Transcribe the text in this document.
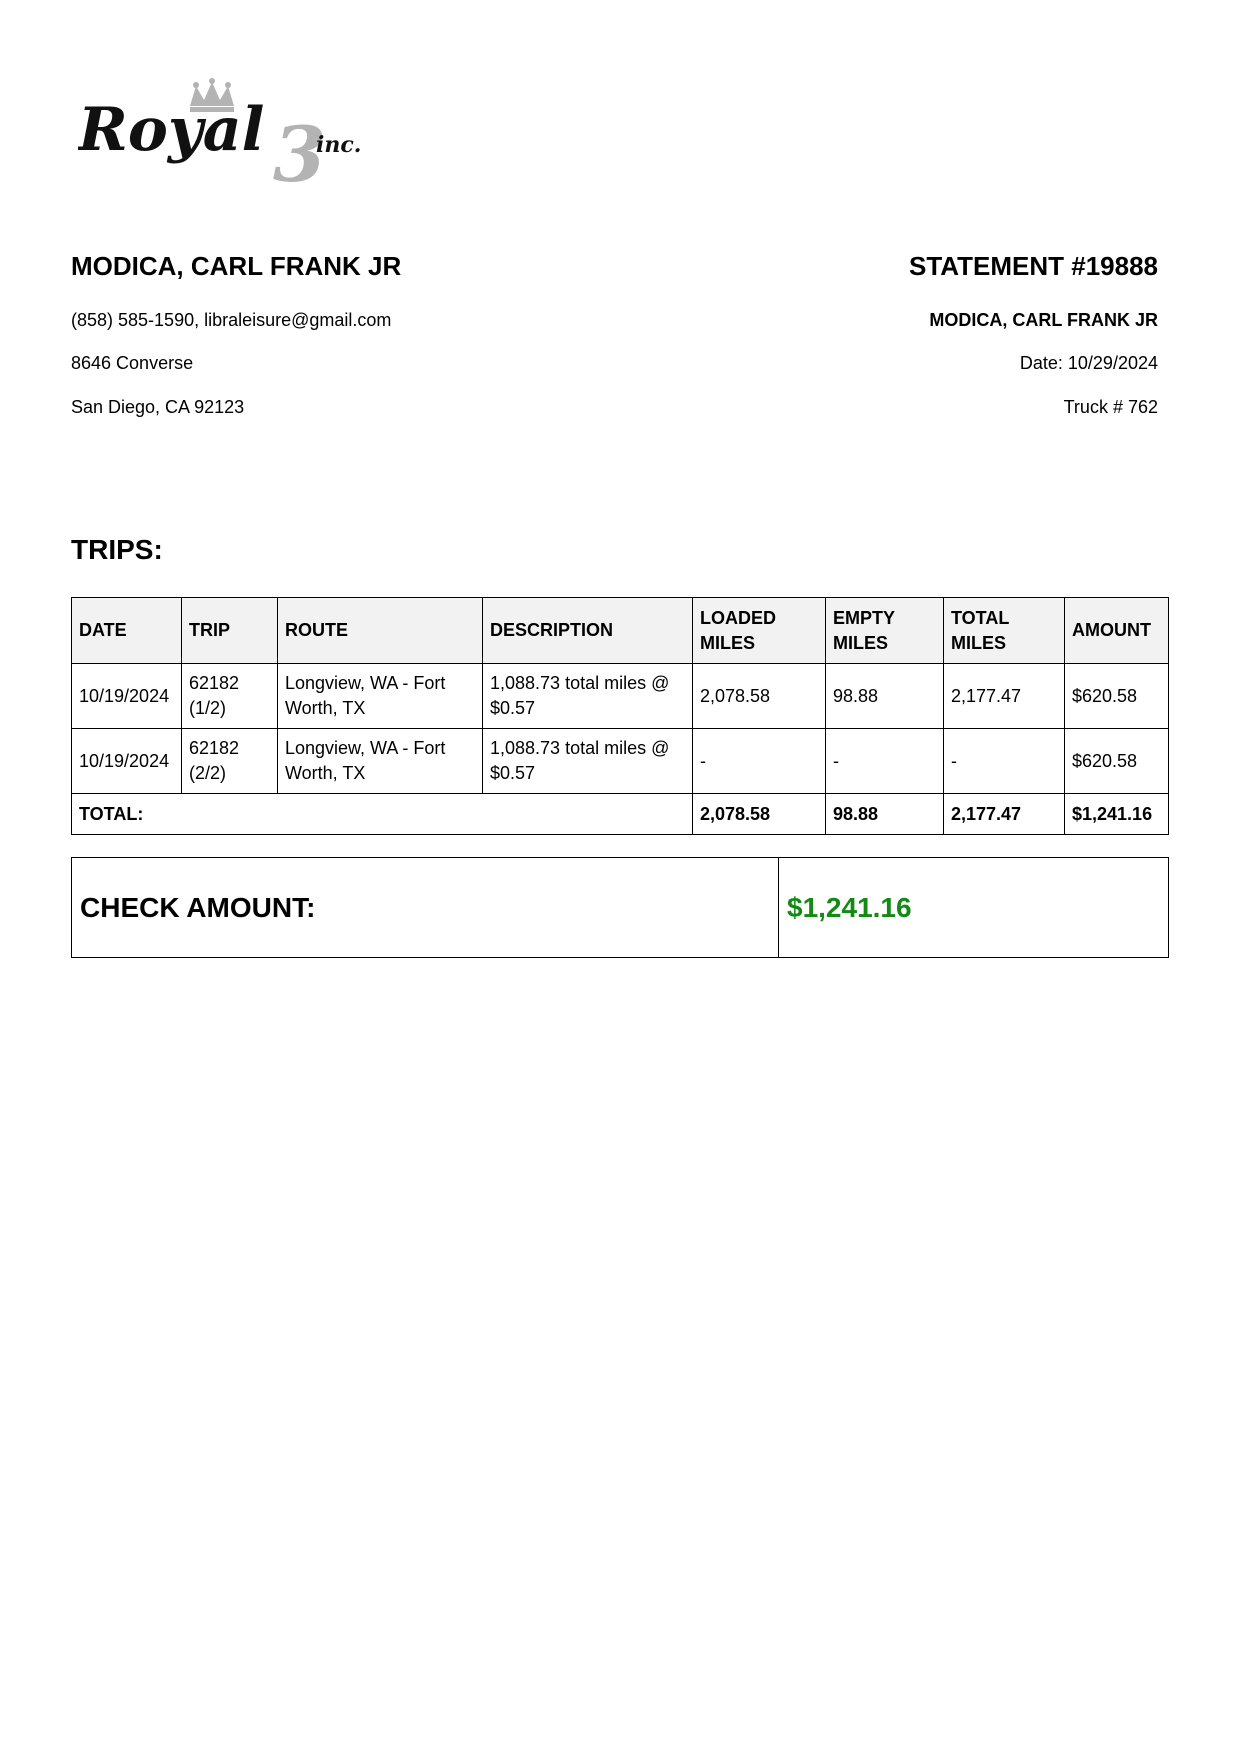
3
Royal inc.
MODICA, CARL FRANK JR
(858) 585-1590, libraleisure@gmail.com
8646 Converse
San Diego, CA 92123
STATEMENT #19888
MODICA, CARL FRANK JR
Date: 10/29/2024
Truck # 762
TRIPS:
DATE	TRIP	ROUTE	DESCRIPTION	LOADED MILES	EMPTY MILES	TOTAL MILES	AMOUNT
10/19/2024	62182 (1/2)	Longview, WA - Fort Worth, TX	1,088.73 total miles @ $0.57	2,078.58	98.88	2,177.47	$620.58
10/19/2024	62182 (2/2)	Longview, WA - Fort Worth, TX	1,088.73 total miles @ $0.57	-	-	-	$620.58
TOTAL:				2,078.58	98.88	2,177.47	$1,241.16
CHECK AMOUNT:	$1,241.16
